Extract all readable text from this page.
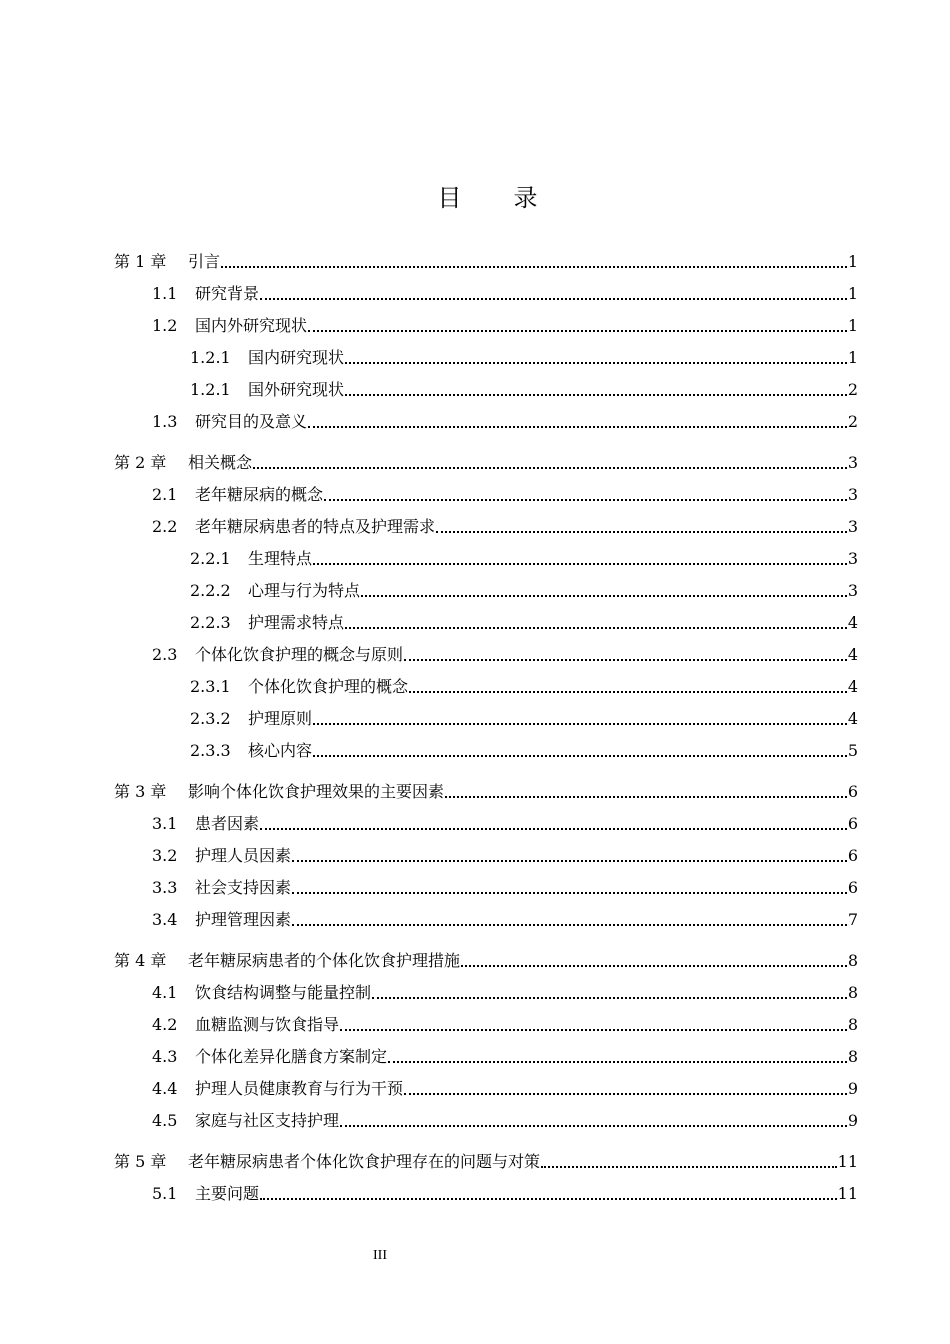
目 录
第 1 章	引言	1
1.1	研究背景	1
1.2	国内外研究现状	1
1.2.1	国内研究现状	1
1.2.1	国外研究现状	2
1.3	研究目的及意义	2
第 2 章	相关概念	3
2.1	老年糖尿病的概念	3
2.2	老年糖尿病患者的特点及护理需求	3
2.2.1	生理特点	3
2.2.2	心理与行为特点	3
2.2.3	护理需求特点	4
2.3	个体化饮食护理的概念与原则	4
2.3.1	个体化饮食护理的概念	4
2.3.2	护理原则	4
2.3.3	核心内容	5
第 3 章	影响个体化饮食护理效果的主要因素	6
3.1	患者因素	6
3.2	护理人员因素	6
3.3	社会支持因素	6
3.4	护理管理因素	7
第 4 章	老年糖尿病患者的个体化饮食护理措施	8
4.1	饮食结构调整与能量控制	8
4.2	血糖监测与饮食指导	8
4.3	个体化差异化膳食方案制定	8
4.4	护理人员健康教育与行为干预	9
4.5	家庭与社区支持护理	9
第 5 章	老年糖尿病患者个体化饮食护理存在的问题与对策	11
5.1	主要问题	11
III
